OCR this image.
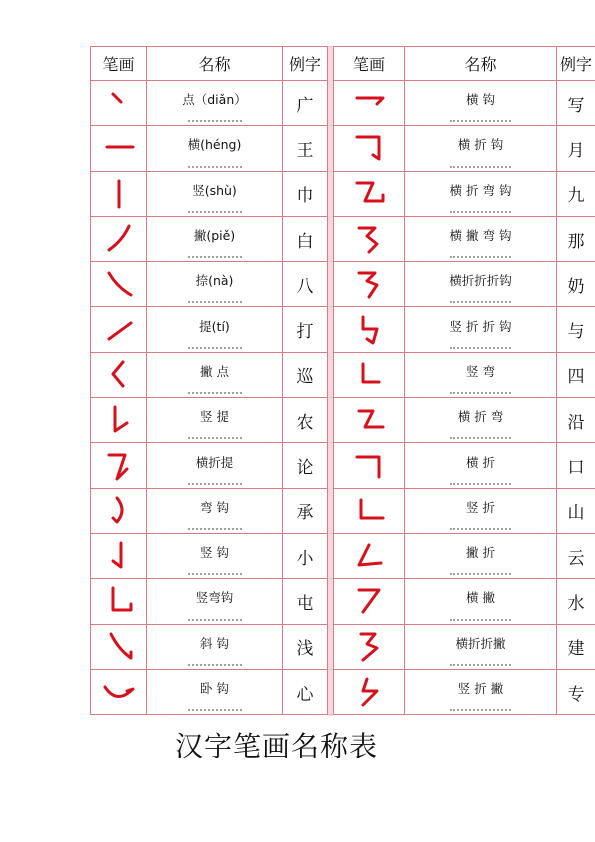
笔画	名称	例字

	点（diǎn）	广

	横(héng)	王

	竖(shù)	巾

	撇(piě)	白

	捺(nà)	八

	提(tí)	打

	撇 点	巡

	竖 提	农

	横折提	论

	弯 钩	承

	竖 钩	小

	竖弯钩	屯

	斜 钩	浅

	卧 钩	心
笔画	名称	例字

	横 钩	写

	横 折 钩	月

	横 折 弯 钩	九

	横 撇 弯 钩	那

	横折折折钩	奶

	竖 折 折 钩	与

	竖 弯	四

	横 折 弯	沿

	横 折	口

	竖 折	山

	撇 折	云

	横 撇	水

	横折折撇	建

	竖 折 撇	专
汉字笔画名称表
